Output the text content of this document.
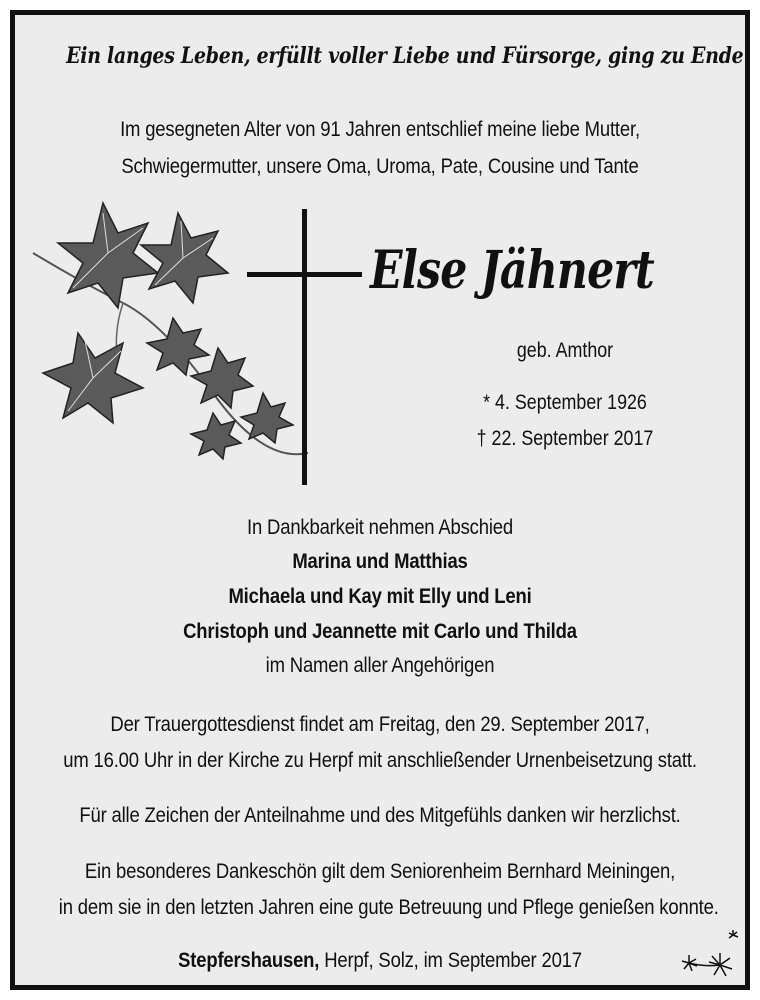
Ein langes Leben, erfüllt voller Liebe und Fürsorge, ging zu Ende.
Im gesegneten Alter von 91 Jahren entschlief meine liebe Mutter,
Schwiegermutter, unsere Oma, Uroma, Pate, Cousine und Tante
Else Jähnert
geb. Amthor
* 4. September 1926
† 22. September 2017
In Dankbarkeit nehmen Abschied
Marina und Matthias
Michaela und Kay mit Elly und Leni
Christoph und Jeannette mit Carlo und Thilda
im Namen aller Angehörigen
Der Trauergottesdienst findet am Freitag, den 29. September 2017,
um 16.00 Uhr in der Kirche zu Herpf mit anschließender Urnenbeisetzung statt.
Für alle Zeichen der Anteilnahme und des Mitgefühls danken wir herzlichst.
Ein besonderes Dankeschön gilt dem Seniorenheim Bernhard Meiningen,
in dem sie in den letzten Jahren eine gute Betreuung und Pflege genießen konnte.
Stepfershausen, Herpf, Solz, im September 2017
